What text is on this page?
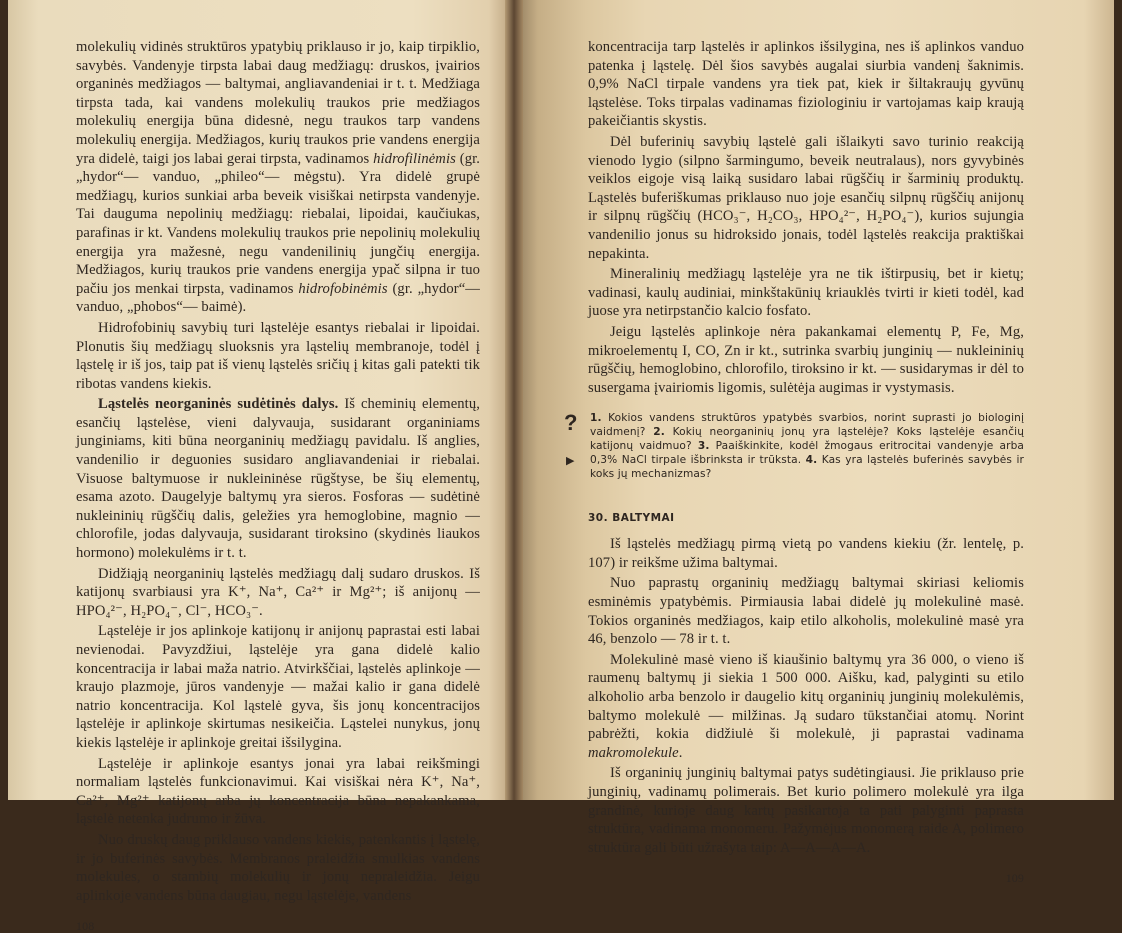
molekulių vidinės struktūros ypatybių priklauso ir jo, kaip tirpiklio, savybės. Vandenyje tirpsta labai daug medžiagų: druskos, įvairios organinės medžiagos — baltymai, angliavandeniai ir t. t. Medžiaga tirpsta tada, kai vandens molekulių traukos prie medžiagos molekulių energija būna didesnė, negu traukos tarp vandens molekulių energija. Medžiagos, kurių traukos prie vandens energija yra didelė, taigi jos labai gerai tirpsta, vadinamos hidrofilinėmis (gr. „hydor“— vanduo, „phileo“— mėgstu). Yra didelė grupė medžiagų, kurios sunkiai arba beveik visiškai netirpsta vandenyje. Tai dauguma nepolinių medžiagų: riebalai, lipoidai, kaučiukas, parafinas ir kt. Vandens molekulių traukos prie nepolinių molekulių energija yra mažesnė, negu vandenilinių jungčių energija. Medžiagos, kurių traukos prie vandens energija ypač silpna ir tuo pačiu jos menkai tirpsta, vadinamos hidrofobinėmis (gr. „hydor“— vanduo, „phobos“— baimė).

Hidrofobinių savybių turi ląstelėje esantys riebalai ir lipoidai. Plonutis šių medžiagų sluoksnis yra ląstelių membranoje, todėl į ląstelę ir iš jos, taip pat iš vienų ląstelės sričių į kitas gali patekti tik ribotas vandens kiekis.

Ląstelės neorganinės sudėtinės dalys. Iš cheminių elementų, esančių ląstelėse, vieni dalyvauja, susidarant organiniams junginiams, kiti būna neorganinių medžiagų pavidalu. Iš anglies, vandenilio ir deguonies susidaro angliavandeniai ir riebalai. Visuose baltymuose ir nukleininėse rūgštyse, be šių elementų, esama azoto. Daugelyje baltymų yra sieros. Fosforas — sudėtinė nukleininių rūgščių dalis, geležies yra hemoglobine, magnio — chlorofile, jodas dalyvauja, susidarant tiroksino (skydinės liaukos hormono) molekulėms ir t. t.

Didžiąją neorganinių ląstelės medžiagų dalį sudaro druskos. Iš katijonų svarbiausi yra K⁺, Na⁺, Ca²⁺ ir Mg²⁺; iš anijonų — HPO₄²⁻, H₂PO₄⁻, Cl⁻, HCO₃⁻.

Ląstelėje ir jos aplinkoje katijonų ir anijonų paprastai esti labai nevienodai. Pavyzdžiui, ląstelėje yra gana didelė kalio koncentracija ir labai maža natrio. Atvirkščiai, ląstelės aplinkoje — kraujo plazmoje, jūros vandenyje — mažai kalio ir gana didelė natrio koncentracija. Kol ląstelė gyva, šis jonų koncentracijos ląstelėje ir aplinkoje skirtumas nesikeičia. Ląstelei nunykus, jonų kiekis ląstelėje ir aplinkoje greitai išsilygina.

Ląstelėje ir aplinkoje esantys jonai yra labai reikšmingi normaliam ląstelės funkcionavimui. Kai visiškai nėra K⁺, Na⁺, Ca²⁺, Mg²⁺ katijonų arba jų koncentracija būna nepakankama, ląstelė netenka judrumo ir žūva.

Nuo druskų daug priklauso vandens kiekis, patenkantis į ląstelę, ir jo buferinės savybės. Membranos praleidžia smulkias vandens molekules, o stambių molekulių ir jonų nepraleidžia. Jeigu aplinkoje vandens būna daugiau, negu ląstelėje, vandens

108

koncentracija tarp ląstelės ir aplinkos išsilygina, nes iš aplinkos vanduo patenka į ląstelę. Dėl šios savybės augalai siurbia vandenį šaknimis. 0,9% NaCl tirpale vandens yra tiek pat, kiek ir šiltakraujų gyvūnų ląstelėse. Toks tirpalas vadinamas fiziologiniu ir vartojamas kaip kraują pakeičiantis skystis.

Dėl buferinių savybių ląstelė gali išlaikyti savo turinio reakciją vienodo lygio (silpno šarmingumo, beveik neutralaus), nors gyvybinės veiklos eigoje visą laiką susidaro labai rūgščių ir šarminių produktų. Ląstelės buferiškumas priklauso nuo joje esančių silpnų rūgščių anijonų ir silpnų rūgščių (HCO₃⁻, H₂CO₃, HPO₄²⁻, H₂PO₄⁻), kurios sujungia vandenilio jonus su hidroksido jonais, todėl ląstelės reakcija praktiškai nepakinta.

Mineralinių medžiagų ląstelėje yra ne tik ištirpusių, bet ir kietų; vadinasi, kaulų audiniai, minkštakūnių kriauklės tvirti ir kieti todėl, kad juose yra netirpstančio kalcio fosfato.

Jeigu ląstelės aplinkoje nėra pakankamai elementų P, Fe, Mg, mikroelementų I, CO, Zn ir kt., sutrinka svarbių junginių — nukleininių rūgščių, hemoglobino, chlorofilo, tiroksino ir kt. — susidarymas ir dėl to susergama įvairiomis ligomis, sulėtėja augimas ir vystymasis.

?
▶
1. Kokios vandens struktūros ypatybės svarbios, norint suprasti jo biologinį vaidmenį? 2. Kokių neorganinių jonų yra ląstelėje? Koks ląstelėje esančių katijonų vaidmuo? 3. Paaiškinkite, kodėl žmogaus eritrocitai vandenyje arba 0,3% NaCl tirpale išbrinksta ir trūksta. 4. Kas yra ląstelės buferinės savybės ir koks jų mechanizmas?
30. BALTYMAI

Iš ląstelės medžiagų pirmą vietą po vandens kiekiu (žr. lentelę, p. 107) ir reikšme užima baltymai.

Nuo paprastų organinių medžiagų baltymai skiriasi keliomis esminėmis ypatybėmis. Pirmiausia labai didelė jų molekulinė masė. Tokios organinės medžiagos, kaip etilo alkoholis, molekulinė masė yra 46, benzolo — 78 ir t. t.

Molekulinė masė vieno iš kiaušinio baltymų yra 36 000, o vieno iš raumenų baltymų ji siekia 1 500 000. Aišku, kad, palyginti su etilo alkoholio arba benzolo ir daugelio kitų organinių junginių molekulėmis, baltymo molekulė — milžinas. Ją sudaro tūkstančiai atomų. Norint pabrėžti, kokia didžiulė ši molekulė, ji paprastai vadinama makromolekule.

Iš organinių junginių baltymai patys sudėtingiausi. Jie priklauso prie junginių, vadinamų polimerais. Bet kurio polimero molekulė yra ilga grandinė, kurioje daug kartų pasikartoja ta pati palyginti paprasta struktūra, vadinama monomeru. Pažymėjus monomerą raide A, polimero struktūra gali būti užrašyta taip: A—A—A—A.

109
